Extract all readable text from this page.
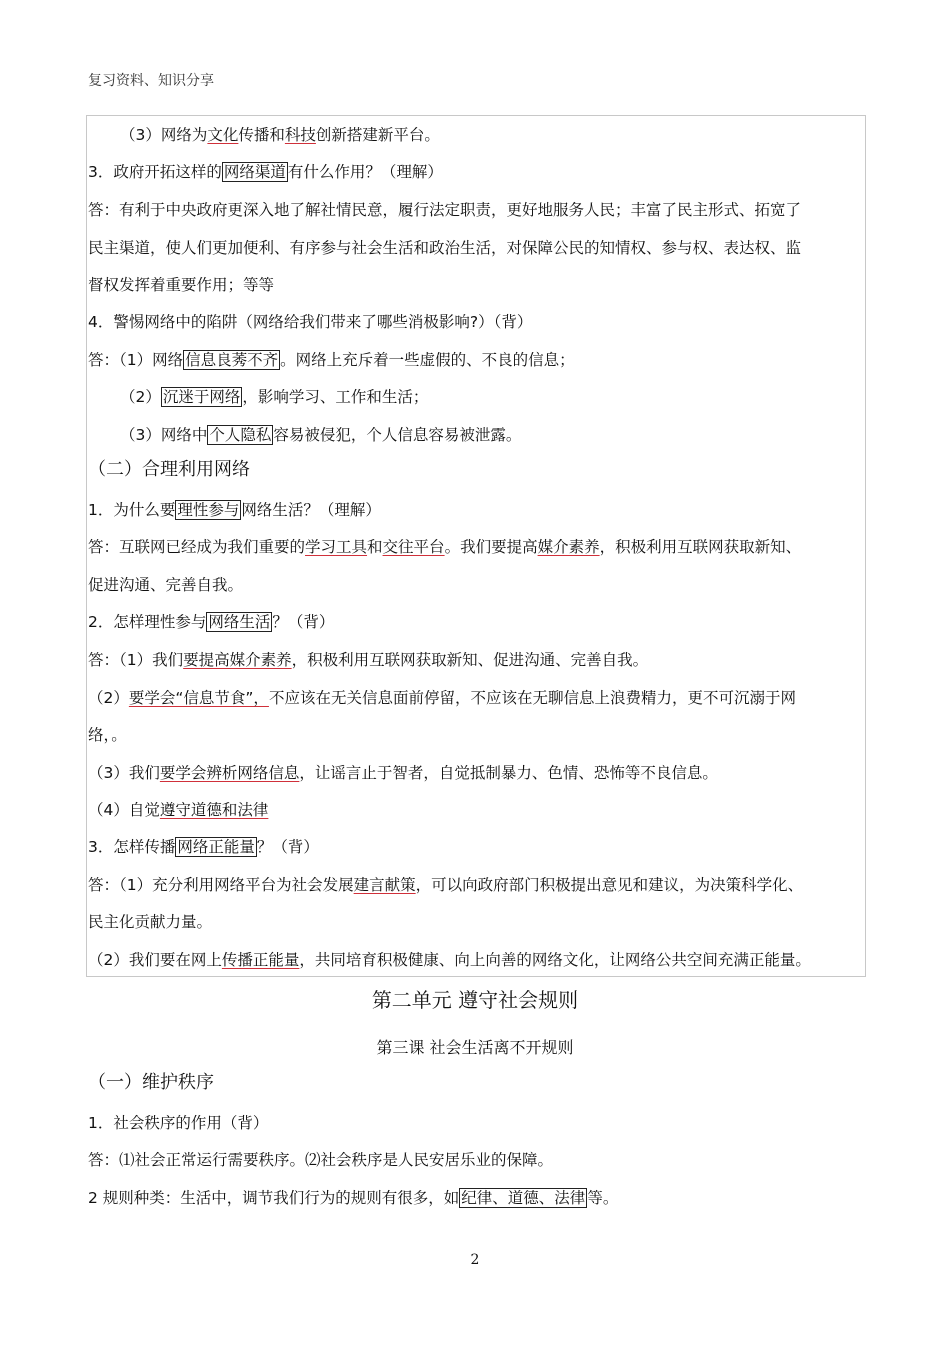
复习资料、知识分享
（3）网络为文化传播和科技创新搭建新平台。
3．政府开拓这样的 网络渠道 有什么作用？（理解）
答：有利于中央政府更深入地了解社情民意，履行法定职责，更好地服务人民；丰富了民主形式、拓宽了
民主渠道，使人们更加便利、有序参与社会生活和政治生活，对保障公民的知情权、参与权、表达权、监
督权发挥着重要作用；等等
4．警惕网络中的陷阱（网络给我们带来了哪些消极影响?）（背）
答：（1）网络 信息良莠不齐 。网络上充斥着一些虚假的、不良的信息；
（2） 沉迷于网络 ，影响学习、工作和生活；
（3）网络中 个人隐私 容易被侵犯，个人信息容易被泄露。
（二）合理利用网络
1．为什么要 理性参与 网络生活？（理解）
答：互联网已经成为我们重要的学习工具和交往平台。我们要提高媒介素养，积极利用互联网获取新知、
促进沟通、完善自我。
2．怎样理性参与 网络生活 ？（背）
答：（1）我们要提高媒介素养，积极利用互联网获取新知、促进沟通、完善自我。
（2）要学会“信息节食”，不应该在无关信息面前停留，不应该在无聊信息上浪费精力，更不可沉溺于网
络，。
（3）我们要学会辨析网络信息，让谣言止于智者，自觉抵制暴力、色情、恐怖等不良信息。
（4）自觉遵守道德和法律
3．怎样传播 网络正能量 ？（背）
答：（1）充分利用网络平台为社会发展建言献策，可以向政府部门积极提出意见和建议，为决策科学化、
民主化贡献力量。
（2）我们要在网上传播正能量，共同培育积极健康、向上向善的网络文化，让网络公共空间充满正能量。
第二单元 遵守社会规则
第三课 社会生活离不开规则
（一）维护秩序
1．社会秩序的作用（背）
答：⑴社会正常运行需要秩序。⑵社会秩序是人民安居乐业的保障。
2 规则种类：生活中，调节我们行为的规则有很多，如 纪律、道德、法律 等。
2
